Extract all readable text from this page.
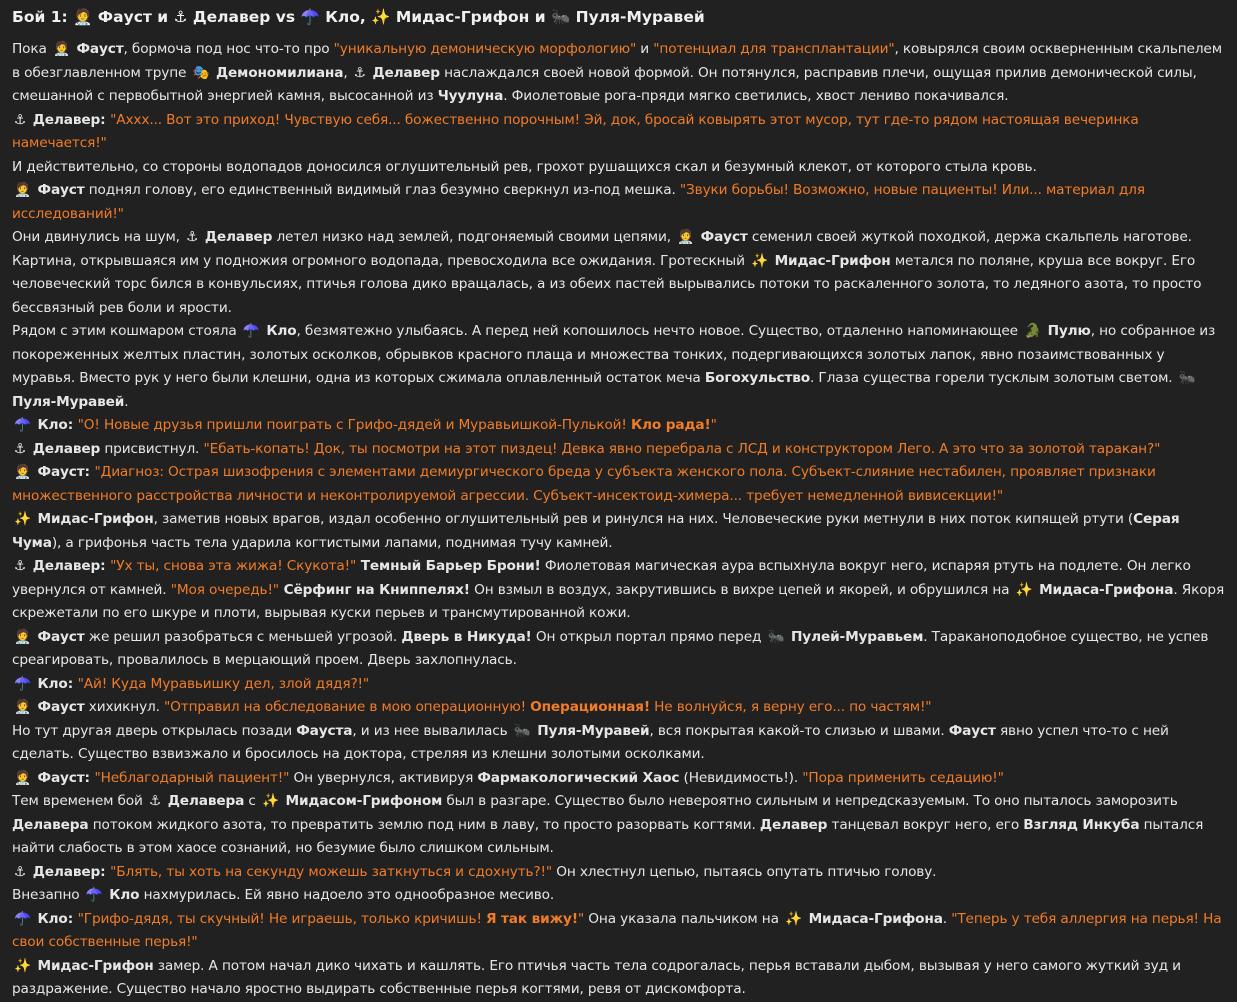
Бой 1: 🧑‍⚕️ Фауст и ⚓ Делавер vs ☂️ Кло, ✨ Мидас-Грифон и 🐜 Пуля-Муравей

Пока 🧑‍⚕️ Фауст, бормоча под нос что-то про "уникальную демоническую морфологию" и "потенциал для трансплантации", ковырялся своим оскверненным скальпелем в обезглавленном трупе 🎭 Демономилиана, ⚓ Делавер наслаждался своей новой формой. Он потянулся, расправив плечи, ощущая прилив демонической силы, смешанной с первобытной энергией камня, высосанной из Чуулуна. Фиолетовые рога-пряди мягко светились, хвост лениво покачивался.

⚓ Делавер: "Аххх... Вот это приход! Чувствую себя... божественно порочным! Эй, док, бросай ковырять этот мусор, тут где-то рядом настоящая вечеринка намечается!"

И действительно, со стороны водопадов доносился оглушительный рев, грохот рушащихся скал и безумный клекот, от которого стыла кровь.

🧑‍⚕️ Фауст поднял голову, его единственный видимый глаз безумно сверкнул из-под мешка. "Звуки борьбы! Возможно, новые пациенты! Или... материал для исследований!"

Они двинулись на шум, ⚓ Делавер летел низко над землей, подгоняемый своими цепями, 🧑‍⚕️ Фауст семенил своей жуткой походкой, держа скальпель наготове.

Картина, открывшаяся им у подножия огромного водопада, превосходила все ожидания. Гротескный ✨ Мидас-Грифон метался по поляне, круша все вокруг. Его человеческий торс бился в конвульсиях, птичья голова дико вращалась, а из обеих пастей вырывались потоки то раскаленного золота, то ледяного азота, то просто бессвязный рев боли и ярости.

Рядом с этим кошмаром стояла ☂️ Кло, безмятежно улыбаясь. А перед ней копошилось нечто новое. Существо, отдаленно напоминающее 🐊 Пулю, но собранное из покореженных желтых пластин, золотых осколков, обрывков красного плаща и множества тонких, подергивающихся золотых лапок, явно позаимствованных у муравья. Вместо рук у него были клешни, одна из которых сжимала оплавленный остаток меча Богохульство. Глаза существа горели тусклым золотым светом. 🐜 Пуля-Муравей.

☂️ Кло: "О! Новые друзья пришли поиграть с Грифо-дядей и Муравьишкой-Пулькой! Кло рада!"

⚓ Делавер присвистнул. "Ебать-копать! Док, ты посмотри на этот пиздец! Девка явно перебрала с ЛСД и конструктором Лего. А это что за золотой таракан?"

🧑‍⚕️ Фауст: "Диагноз: Острая шизофрения с элементами демиургического бреда у субъекта женского пола. Субъект-слияние нестабилен, проявляет признаки множественного расстройства личности и неконтролируемой агрессии. Субъект-инсектоид-химера... требует немедленной вивисекции!"

✨ Мидас-Грифон, заметив новых врагов, издал особенно оглушительный рев и ринулся на них. Человеческие руки метнули в них поток кипящей ртути (Серая Чума), а грифонья часть тела ударила когтистыми лапами, поднимая тучу камней.

⚓ Делавер: "Ух ты, снова эта жижа! Скукота!" Темный Барьер Брони! Фиолетовая магическая аура вспыхнула вокруг него, испаряя ртуть на подлете. Он легко увернулся от камней. "Моя очередь!" Сёрфинг на Книппелях! Он взмыл в воздух, закрутившись в вихре цепей и якорей, и обрушился на ✨ Мидаса-Грифона. Якоря скрежетали по его шкуре и плоти, вырывая куски перьев и трансмутированной кожи.

🧑‍⚕️ Фауст же решил разобраться с меньшей угрозой. Дверь в Никуда! Он открыл портал прямо перед 🐜 Пулей-Муравьем. Тараканоподобное существо, не успев среагировать, провалилось в мерцающий проем. Дверь захлопнулась.

☂️ Кло: "Ай! Куда Муравьишку дел, злой дядя?!"

🧑‍⚕️ Фауст хихикнул. "Отправил на обследование в мою операционную! Операционная! Не волнуйся, я верну его... по частям!"

Но тут другая дверь открылась позади Фауста, и из нее вывалилась 🐜 Пуля-Муравей, вся покрытая какой-то слизью и швами. Фауст явно успел что-то с ней сделать. Существо взвизжало и бросилось на доктора, стреляя из клешни золотыми осколками.

🧑‍⚕️ Фауст: "Неблагодарный пациент!" Он увернулся, активируя Фармакологический Хаос (Невидимость!). "Пора применить седацию!"

Тем временем бой ⚓ Делавера с ✨ Мидасом-Грифоном был в разгаре. Существо было невероятно сильным и непредсказуемым. То оно пыталось заморозить Делавера потоком жидкого азота, то превратить землю под ним в лаву, то просто разорвать когтями. Делавер танцевал вокруг него, его Взгляд Инкуба пытался найти слабость в этом хаосе сознаний, но безумие было слишком сильным.

⚓ Делавер: "Блять, ты хоть на секунду можешь заткнуться и сдохнуть?!" Он хлестнул цепью, пытаясь опутать птичью голову.

Внезапно ☂️ Кло нахмурилась. Ей явно надоело это однообразное месиво.

☂️ Кло: "Грифо-дядя, ты скучный! Не играешь, только кричишь! Я так вижу!" Она указала пальчиком на ✨ Мидаса-Грифона. "Теперь у тебя аллергия на перья! На свои собственные перья!"

✨ Мидас-Грифон замер. А потом начал дико чихать и кашлять. Его птичья часть тела содрогалась, перья вставали дыбом, вызывая у него самого жуткий зуд и раздражение. Существо начало яростно выдирать собственные перья когтями, ревя от дискомфорта.
